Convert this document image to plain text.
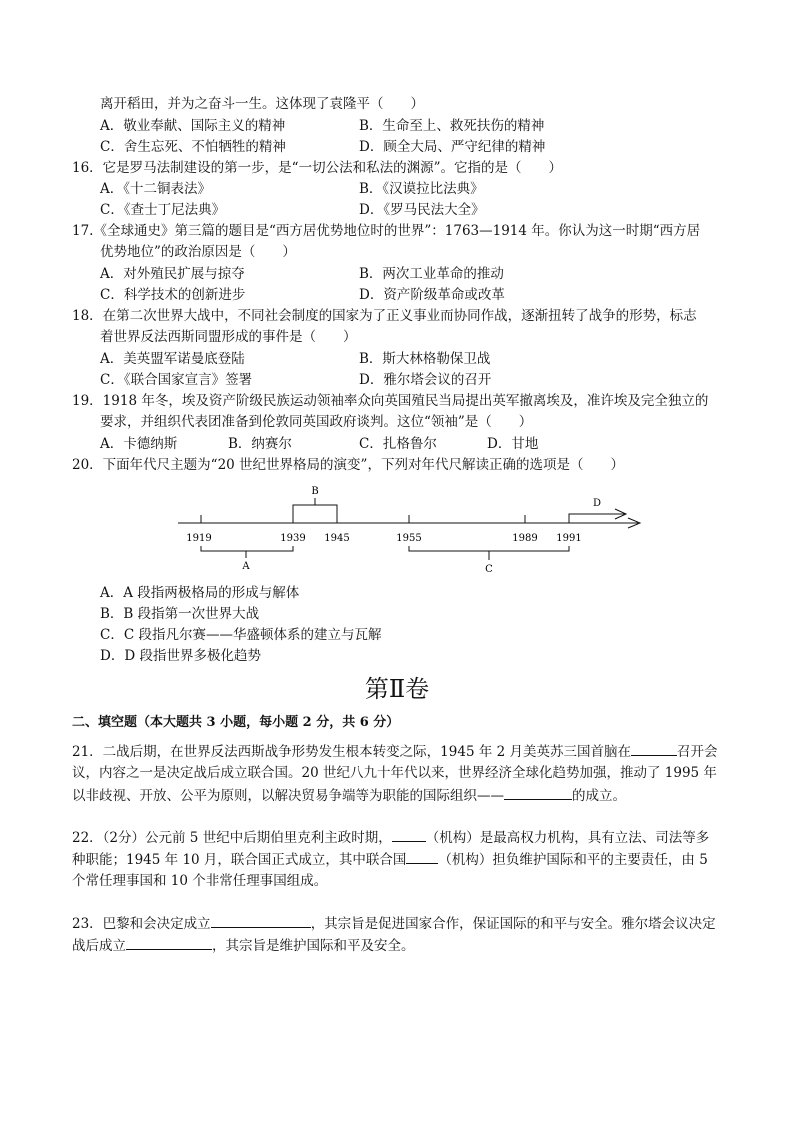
离开稻田，并为之奋斗一生。这体现了袁隆平（　　）
A．敬业奉献、国际主义的精神	B．生命至上、救死扶伤的精神
C．舍生忘死、不怕牺牲的精神	D．顾全大局、严守纪律的精神
16．它是罗马法制建设的第一步，是“一切公法和私法的渊源”。它指的是（　　）
A．《十二铜表法》	B．《汉谟拉比法典》
C．《查士丁尼法典》	D．《罗马民法大全》
17.《全球通史》第三篇的题目是“西方居优势地位时的世界”：1763—1914 年。你认为这一时期“西方居
优势地位”的政治原因是（　　）
A．对外殖民扩展与掠夺	B．两次工业革命的推动
C．科学技术的创新进步	D．资产阶级革命或改革
18．在第二次世界大战中，不同社会制度的国家为了正义事业而协同作战，逐渐扭转了战争的形势，标志
着世界反法西斯同盟形成的事件是（　　）
A．美英盟军诺曼底登陆	B．斯大林格勒保卫战
C．《联合国家宣言》签署	D．雅尔塔会议的召开
19．1918 年冬，埃及资产阶级民族运动领袖率众向英国殖民当局提出英军撤离埃及，准许埃及完全独立的
要求，并组织代表团准备到伦敦同英国政府谈判。这位“领袖”是（　　）
A．卡德纳斯	B．纳赛尔	C．扎格鲁尔	D．甘地
20．下面年代尺主题为“20 世纪世界格局的演变”，下列对年代尺解读正确的选项是（　　）
1919	1939 1945	1955	1989 1991
B
A	C
D
A．A 段指两极格局的形成与解体
B．B 段指第一次世界大战
C．C 段指凡尔赛——华盛顿体系的建立与瓦解
D．D 段指世界多极化趋势
第Ⅱ卷
二、填空题（本大题共 3 小题，每小题 2 分，共 6 分）
21．二战后期，在世界反法西斯战争形势发生根本转变之际，1945 年 2 月美英苏三国首脑在	召开会
议，内容之一是决定战后成立联合国。20 世纪八九十年代以来，世界经济全球化趋势加强，推动了 1995 年
以非歧视、开放、公平为原则，以解决贸易争端等为职能的国际组织——	的成立。
22．（2分）公元前 5 世纪中后期伯里克利主政时期，	（机构）是最高权力机构，具有立法、司法等多
种职能；1945 年 10 月，联合国正式成立，其中联合国 （机构）担负维护国际和平的主要责任，由 5
个常任理事国和 10 个非常任理事国组成。
23．巴黎和会决定成立	，其宗旨是促进国家合作，保证国际的和平与安全。雅尔塔会议决定
战后成立	，其宗旨是维护国际和平及安全。
